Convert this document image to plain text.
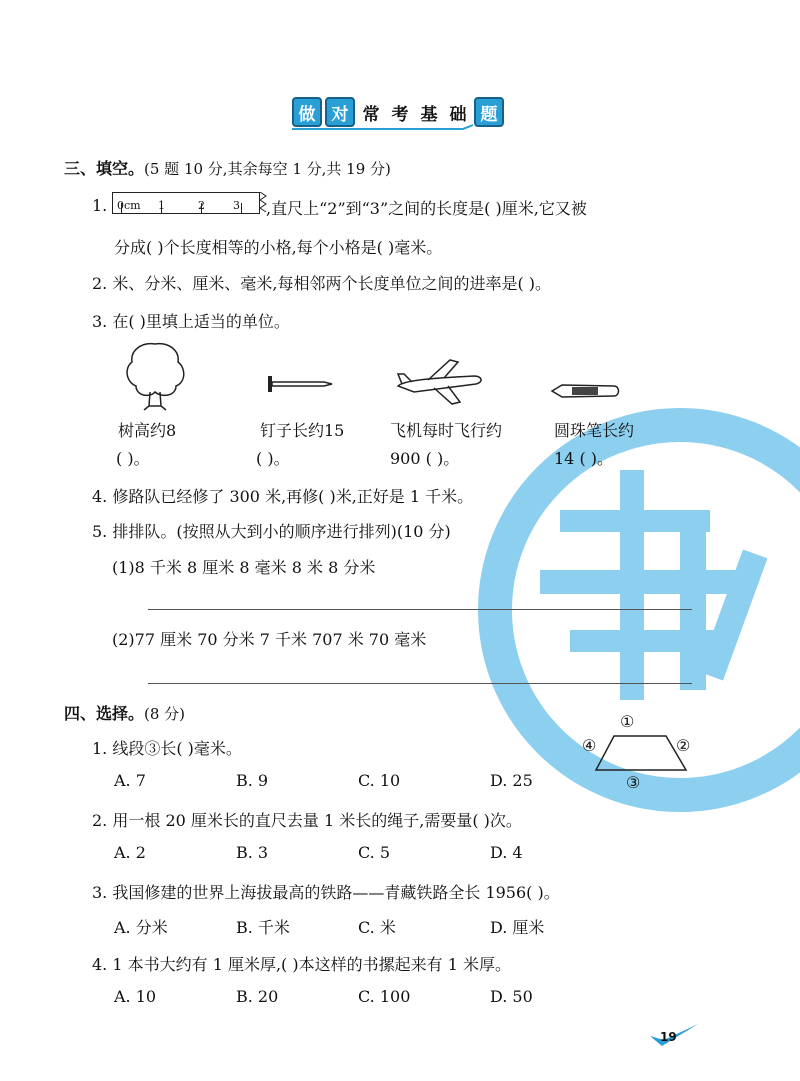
做 对 常 考 基 础 题
三、填空。(5 题 10 分,其余每空 1 分,共 19 分)
1. 0cm 1	2	3 ,直尺上“2”到“3”之间的长度是( )厘米,它又被
分成( )个长度相等的小格,每个小格是( )毫米。
2. 米、分米、厘米、毫米,每相邻两个长度单位之间的进率是( )。
3. 在( )里填上适当的单位。
树高约8
( )。
钉子长约15
( )。
飞机每时飞行约
900 ( )。
圆珠笔长约
14 ( )。
4. 修路队已经修了 300 米,再修( )米,正好是 1 千米。
5. 排排队。(按照从大到小的顺序进行排列)(10 分)
(1)8 千米 8 厘米 8 毫米 8 米 8 分米
(2)77 厘米 70 分米 7 千米 707 米 70 毫米
四、选择。(8 分)	①
②
③
④
1. 线段③长( )毫米。
A. 7	B. 9	C. 10	D. 25
2. 用一根 20 厘米长的直尺去量 1 米长的绳子,需要量( )次。
A. 2	B. 3	C. 5	D. 4
3. 我国修建的世界上海拔最高的铁路——青藏铁路全长 1956( )。
A. 分米	B. 千米	C. 米	D. 厘米
4. 1 本书大约有 1 厘米厚,( )本这样的书摞起来有 1 米厚。
A. 10	B. 20	C. 100	D. 50
19
